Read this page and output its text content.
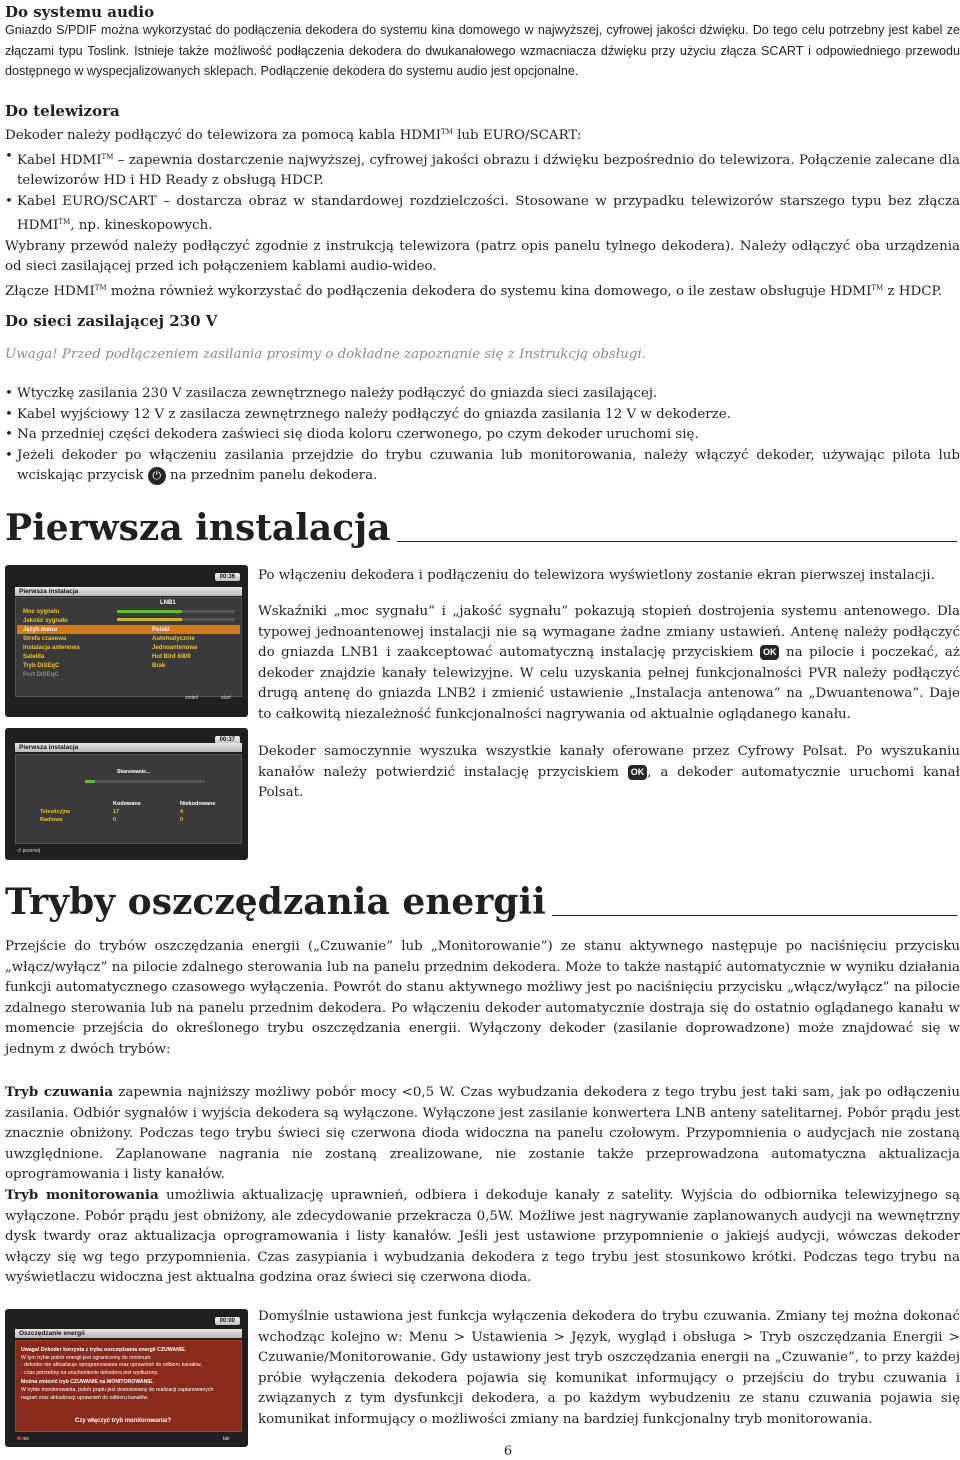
Do systemu audio

Gniazdo S/PDIF można wykorzystać do podłączenia dekodera do systemu kina domowego w najwyższej, cyfrowej jakości dźwięku. Do tego celu potrzebny jest kabel ze złączami typu Toslink. Istnieje także możliwość podłączenia dekodera do dwukanałowego wzmacniacza dźwięku przy użyciu złącza SCART i odpowiedniego przewodu dostępnego w wyspecjalizowanych sklepach. Podłączenie dekodera do systemu audio jest opcjonalne.

Do telewizora

Dekoder należy podłączyć do telewizora za pomocą kabla HDMI™ lub EURO/SCART:

• Kabel HDMI™ – zapewnia dostarczenie najwyższej, cyfrowej jakości obrazu i dźwięku bezpośrednio do telewizora. Połączenie zalecane dla telewizorów HD i HD Ready z obsługą HDCP.
• Kabel EURO/SCART – dostarcza obraz w standardowej rozdzielczości. Stosowane w przypadku telewizorów starszego typu bez złącza HDMI™, np. kineskopowych.

Wybrany przewód należy podłączyć zgodnie z instrukcją telewizora (patrz opis panelu tylnego dekodera). Należy odłączyć oba urządzenia od sieci zasilającej przed ich połączeniem kablami audio-wideo.

Złącze HDMI™ można również wykorzystać do podłączenia dekodera do systemu kina domowego, o ile zestaw obsługuje HDMI™ z HDCP.

Do sieci zasilającej 230 V

Uwaga! Przed podłączeniem zasilania prosimy o dokładne zapoznanie się z Instrukcją obsługi.

• Wtyczkę zasilania 230 V zasilacza zewnętrznego należy podłączyć do gniazda sieci zasilającej.
• Kabel wyjściowy 12 V z zasilacza zewnętrznego należy podłączyć do gniazda zasilania 12 V w dekoderze.
• Na przedniej części dekodera zaświeci się dioda koloru czerwonego, po czym dekoder uruchomi się.
• Jeżeli dekoder po włączeniu zasilania przejdzie do trybu czuwania lub monitorowania, należy włączyć dekoder, używając pilota lub wciskając przycisk ⏻ na przednim panelu dekodera.
Pierwsza instalacja
00:36
Pierwsza instalacja
LNB1
Moc sygnału
Jakość sygnału
Język menu	Polski
Strefa czasowa	Automatycznie
Instalacja antenowa	Jednoantenowa
Satelita	Hot Bird 6/8/9
Tryb DiSEqC	Brak
Port DiSEqC
zmień	start
00:37
Pierwsza instalacja
Skanowanie...
Kodowane	Niekodowane
Telewizyjne	17	4
Radiowe	0	0
↺ przerwij

Po włączeniu dekodera i podłączeniu do telewizora wyświetlony zostanie ekran pierwszej instalacji.

Wskaźniki „moc sygnału” i „jakość sygnału” pokazują stopień dostrojenia systemu antenowego. Dla typowej jednoantenowej instalacji nie są wymagane żadne zmiany ustawień. Antenę należy podłączyć do gniazda LNB1 i zaakceptować automatyczną instalację przyciskiem OK na pilocie i poczekać, aż dekoder znajdzie kanały telewizyjne. W celu uzyskania pełnej funkcjonalności PVR należy podłączyć drugą antenę do gniazda LNB2 i zmienić ustawienie „Instalacja antenowa” na „Dwuantenowa”. Daje to całkowitą niezależność funkcjonalności nagrywania od aktualnie oglądanego kanału.

Dekoder samoczynnie wyszuka wszystkie kanały oferowane przez Cyfrowy Polsat. Po wyszukaniu kanałów należy potwierdzić instalację przyciskiem OK , a dekoder automatycznie uruchomi kanał Polsat.

Tryby oszczędzania energii

Przejście do trybów oszczędzania energii („Czuwanie” lub „Monitorowanie”) ze stanu aktywnego następuje po naciśnięciu przycisku „włącz/wyłącz” na pilocie zdalnego sterowania lub na panelu przednim dekodera. Może to także nastąpić automatycznie w wyniku działania funkcji automatycznego czasowego wyłączenia. Powrót do stanu aktywnego możliwy jest po naciśnięciu przycisku „włącz/wyłącz” na pilocie zdalnego sterowania lub na panelu przednim dekodera. Po włączeniu dekoder automatycznie dostraja się do ostatnio oglądanego kanału w momencie przejścia do określonego trybu oszczędzania energii. Wyłączony dekoder (zasilanie doprowadzone) może znajdować się w jednym z dwóch trybów:

Tryb czuwania zapewnia najniższy możliwy pobór mocy <0,5 W. Czas wybudzania dekodera z tego trybu jest taki sam, jak po odłączeniu zasilania. Odbiór sygnałów i wyjścia dekodera są wyłączone. Wyłączone jest zasilanie konwertera LNB anteny satelitarnej. Pobór prądu jest znacznie obniżony. Podczas tego trybu świeci się czerwona dioda widoczna na panelu czołowym. Przypomnienia o audycjach nie zostaną uwzględnione. Zaplanowane nagrania nie zostaną zrealizowane, nie zostanie także przeprowadzona automatyczna aktualizacja oprogramowania i listy kanałów.

Tryb monitorowania umożliwia aktualizację uprawnień, odbiera i dekoduje kanały z satelity. Wyjścia do odbiornika telewizyjnego są wyłączone. Pobór prądu jest obniżony, ale zdecydowanie przekracza 0,5W. Możliwe jest nagrywanie zaplanowanych audycji na wewnętrzny dysk twardy oraz aktualizacja oprogramowania i listy kanałów. Jeśli jest ustawione przypomnienie o jakiejś audycji, wówczas dekoder włączy się wg tego przypomnienia. Czas zasypiania i wybudzania dekodera z tego trybu jest stosunkowo krótki. Podczas tego trybu na wyświetlaczu widoczna jest aktualna godzina oraz świeci się czerwona dioda.

00:00
Oszczędzanie energii
Uwaga! Dekoder korzysta z trybu oszczędzania energii CZUWANIE.
W tym trybie pobór energii jest ograniczony do minimum:
- dekoder nie aktualizuje oprogramowania oraz uprawnień do odbioru kanałów,
- czas potrzebny na uruchomienie dekodera jest wydłużony.
Można zmienić tryb CZUWANIE na MONITOROWANIE.
W trybie monitorowania, pobór prądu jest dostosowany do realizacji zaplanowanych
nagrań oraz aktualizacji uprawnień do odbioru kanałów.
Czy włączyć tryb monitorowania?
nie	tak

Domyślnie ustawiona jest funkcja wyłączenia dekodera do trybu czuwania. Zmiany tej można dokonać wchodząc kolejno w: Menu > Ustawienia > Język, wygląd i obsługa > Tryb oszczędzania Energii > Czuwanie/Monitorowanie. Gdy ustawiony jest tryb oszczędzania energii na „Czuwanie”, to przy każdej próbie wyłączenia dekodera pojawia się komunikat informujący o przejściu do trybu czuwania i związanych z tym dysfunkcji dekodera, a po każdym wybudzeniu ze stanu czuwania pojawia się komunikat informujący o możliwości zmiany na bardziej funkcjonalny tryb monitorowania.

6
